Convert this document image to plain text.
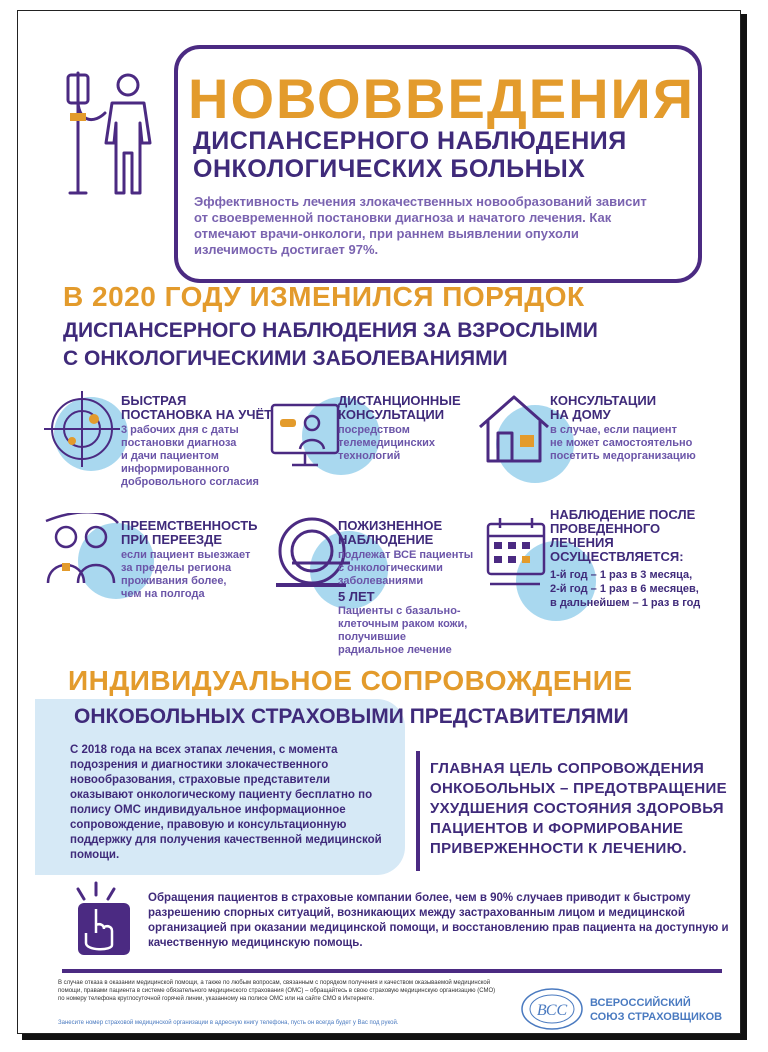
НОВОВВЕДЕНИЯ
ДИСПАНСЕРНОГО НАБЛЮДЕНИЯ
ОНКОЛОГИЧЕСКИХ БОЛЬНЫХ
Эффективность лечения злокачественных новообразований зависит от своевременной постановки диагноза и начатого лечения. Как отмечают врачи-онкологи, при раннем выявлении опухоли излечимость достигает 97%.
В 2020 ГОДУ ИЗМЕНИЛСЯ ПОРЯДОК
ДИСПАНСЕРНОГО НАБЛЮДЕНИЯ ЗА ВЗРОСЛЫМИ
С ОНКОЛОГИЧЕСКИМИ ЗАБОЛЕВАНИЯМИ
БЫСТРАЯ
ПОСТАНОВКА НА УЧЁТ
3 рабочих дня с даты
постановки диагноза
и дачи пациентом
информированного
добровольного согласия
ДИСТАНЦИОННЫЕ
КОНСУЛЬТАЦИИ
посредством
телемедицинских
технологий
КОНСУЛЬТАЦИИ
НА ДОМУ
в случае, если пациент
не может самостоятельно
посетить медорганизацию
ПРЕЕМСТВЕННОСТЬ
ПРИ ПЕРЕЕЗДЕ
если пациент выезжает
за пределы региона
проживания более,
чем на полгода
ПОЖИЗНЕННОЕ
НАБЛЮДЕНИЕ
подлежат ВСЕ пациенты
с онкологическими
заболеваниями
5 ЛЕТ
Пациенты с базально-
клеточным раком кожи,
получившие
радиальное лечение
НАБЛЮДЕНИЕ ПОСЛЕ
ПРОВЕДЕННОГО
ЛЕЧЕНИЯ
ОСУЩЕСТВЛЯЕТСЯ:
1-й год – 1 раз в 3 месяца,
2-й год – 1 раз в 6 месяцев,
в дальнейшем – 1 раз в год
ИНДИВИДУАЛЬНОЕ СОПРОВОЖДЕНИЕ
ОНКОБОЛЬНЫХ СТРАХОВЫМИ ПРЕДСТАВИТЕЛЯМИ
С 2018 года на всех этапах лечения, с момента подозрения и диагностики злокачественного новообразования, страховые представители оказывают онкологическому пациенту бесплатно по полису ОМС индивидуальное информационное сопровождение, правовую и консультационную поддержку для получения качественной медицинской помощи.
ГЛАВНАЯ ЦЕЛЬ СОПРОВОЖДЕНИЯ ОНКОБОЛЬНЫХ – ПРЕДОТВРАЩЕНИЕ УХУДШЕНИЯ СОСТОЯНИЯ ЗДОРОВЬЯ ПАЦИЕНТОВ И ФОРМИРОВАНИЕ ПРИВЕРЖЕННОСТИ К ЛЕЧЕНИЮ.
Обращения пациентов в страховые компании более, чем в 90% случаев приводит к быстрому разрешению спорных ситуаций, возникающих между застрахованным лицом и медицинской организацией при оказании медицинской помощи, и восстановлению прав пациента на доступную и качественную медицинскую помощь.
В случае отказа в оказании медицинской помощи, а также по любым вопросам, связанным с порядком получения и качеством оказываемой медицинской помощи, правами пациента в системе обязательного медицинского страхования (ОМС) – обращайтесь в свою страховую медицинскую организацию (СМО) по номеру телефона круглосуточной горячей линии, указанному на полисе ОМС или на сайте СМО в Интернете.
Занесите номер страховой медицинской организации в адресную книгу телефона, пусть он всегда будет у Вас под рукой.
ВСС ВСЕРОССИЙСКИЙ
СОЮЗ СТРАХОВЩИКОВ
